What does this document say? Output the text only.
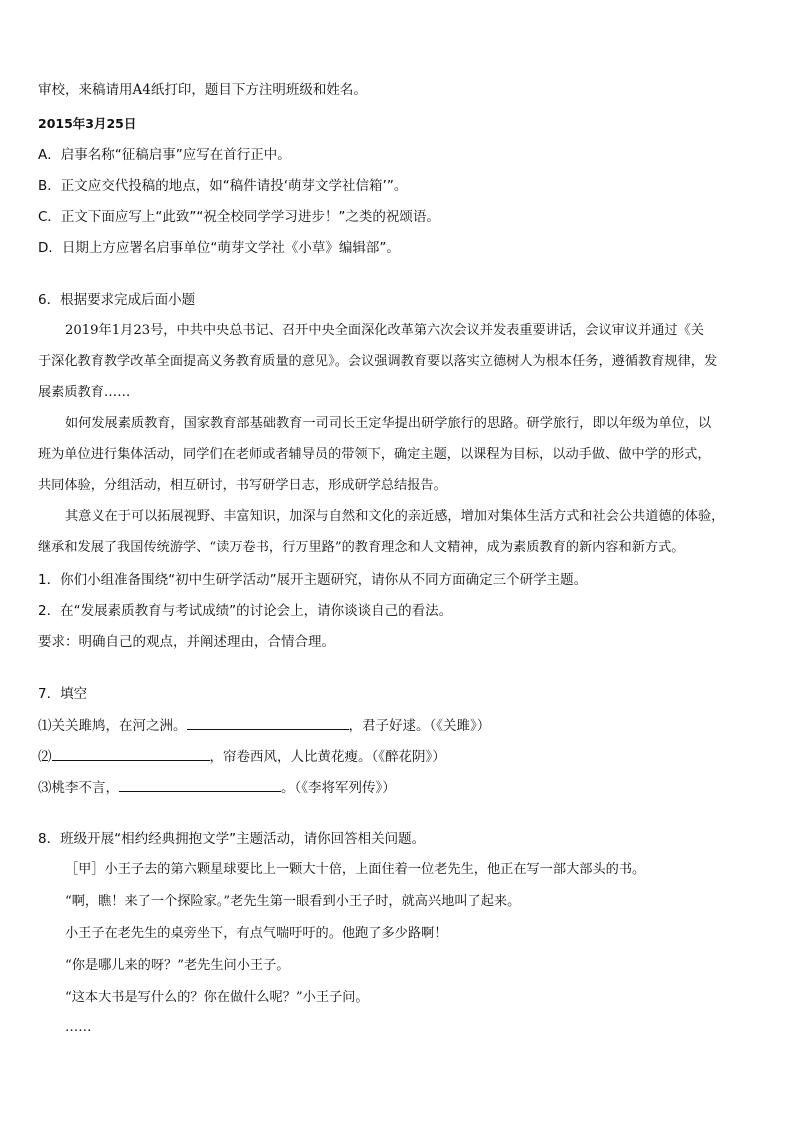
审校，来稿请用A4纸打印，题目下方注明班级和姓名。
2015年3月25日
A．启事名称“征稿启事”应写在首行正中。
B．正文应交代投稿的地点，如“稿件请投‘萌芽文学社信箱’”。
C．正文下面应写上“此致”“祝全校同学学习进步！”之类的祝颂语。
D．日期上方应署名启事单位“萌芽文学社《小草》编辑部”。
6．根据要求完成后面小题
2019年1月23号，中共中央总书记、召开中央全面深化改革第六次会议并发表重要讲话，会议审议并通过《关
于深化教育教学改革全面提高义务教育质量的意见》。会议强调教育要以落实立德树人为根本任务，遵循教育规律，发
展素质教育……
如何发展素质教育，国家教育部基础教育一司司长王定华提出研学旅行的思路。研学旅行，即以年级为单位，以
班为单位进行集体活动，同学们在老师或者辅导员的带领下，确定主题，以课程为目标，以动手做、做中学的形式，
共同体验，分组活动，相互研讨，书写研学日志，形成研学总结报告。
其意义在于可以拓展视野、丰富知识，加深与自然和文化的亲近感，增加对集体生活方式和社会公共道德的体验，
继承和发展了我国传统游学、“读万卷书，行万里路”的教育理念和人文精神，成为素质教育的新内容和新方式。
1．你们小组准备围绕“初中生研学活动”展开主题研究，请你从不同方面确定三个研学主题。
2．在“发展素质教育与考试成绩”的讨论会上，请你谈谈自己的看法。
要求：明确自己的观点，并阐述理由，合情合理。
7．填空
⑴关关雎鸠，在河之洲。	，君子好逑。（《关雎》）
⑵	，帘卷西风，人比黄花瘦。（《醉花阴》）
⑶桃李不言，	。（《李将军列传》）
8．班级开展“相约经典拥抱文学”主题活动，请你回答相关问题。
［甲］小王子去的第六颗星球要比上一颗大十倍，上面住着一位老先生，他正在写一部大部头的书。
“啊，瞧！来了一个探险家。”老先生第一眼看到小王子时，就高兴地叫了起来。
小王子在老先生的桌旁坐下，有点气喘吁吁的。他跑了多少路啊！
“你是哪儿来的呀？”老先生问小王子。
“这本大书是写什么的？你在做什么呢？”小王子问。
……
